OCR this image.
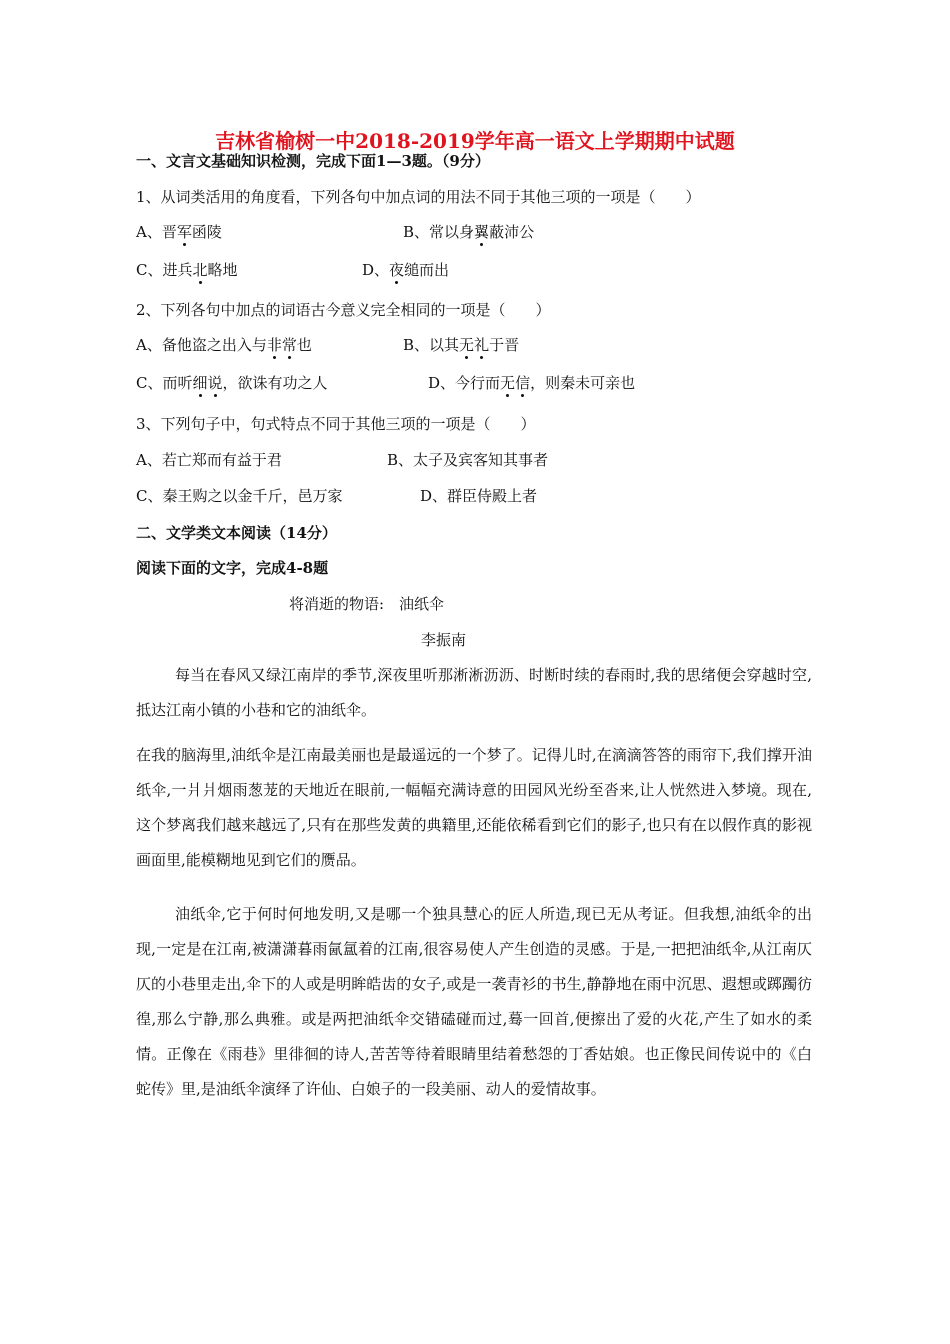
吉林省榆树一中2018-2019学年高一语文上学期期中试题
一、文言文基础知识检测，完成下面1—3题。（9分）
1、从词类活用的角度看，下列各句中加点词的用法不同于其他三项的一项是（　　）
A、晋军函陵	B、常以身翼蔽沛公
C、进兵北略地	D、夜缒而出
2、下列各句中加点的词语古今意义完全相同的一项是（　　）
A、备他盗之出入与非常也	B、以其无礼于晋
C、而听细说，欲诛有功之人	D、今行而无信，则秦未可亲也
3、下列句子中，句式特点不同于其他三项的一项是（　　）
A、若亡郑而有益于君	B、太子及宾客知其事者
C、秦王购之以金千斤，邑万家	D、群臣侍殿上者
二、文学类文本阅读（14分）
阅读下面的文字，完成4-8题
将消逝的物语:　油纸伞
李振南
每当在春风又绿江南岸的季节,深夜里听那淅淅沥沥、时断时续的春雨时,我的思绪便会穿越时空,抵达江南小镇的小巷和它的油纸伞。
在我的脑海里,油纸伞是江南最美丽也是最遥远的一个梦了。记得儿时,在滴滴答答的雨帘下,我们撑开油纸伞,一爿爿烟雨葱茏的天地近在眼前,一幅幅充满诗意的田园风光纷至沓来,让人恍然进入梦境。现在,这个梦离我们越来越远了,只有在那些发黄的典籍里,还能依稀看到它们的影子,也只有在以假作真的影视画面里,能模糊地见到它们的赝品。
油纸伞,它于何时何地发明,又是哪一个独具慧心的匠人所造,现已无从考证。但我想,油纸伞的出现,一定是在江南,被潇潇暮雨氤氲着的江南,很容易使人产生创造的灵感。于是,一把把油纸伞,从江南仄仄的小巷里走出,伞下的人或是明眸皓齿的女子,或是一袭青衫的书生,静静地在雨中沉思、遐想或踯躅彷徨,那么宁静,那么典雅。或是两把油纸伞交错磕碰而过,蓦一回首,便擦出了爱的火花,产生了如水的柔情。正像在《雨巷》里徘徊的诗人,苦苦等待着眼睛里结着愁怨的丁香姑娘。也正像民间传说中的《白蛇传》里,是油纸伞演绎了许仙、白娘子的一段美丽、动人的爱情故事。
